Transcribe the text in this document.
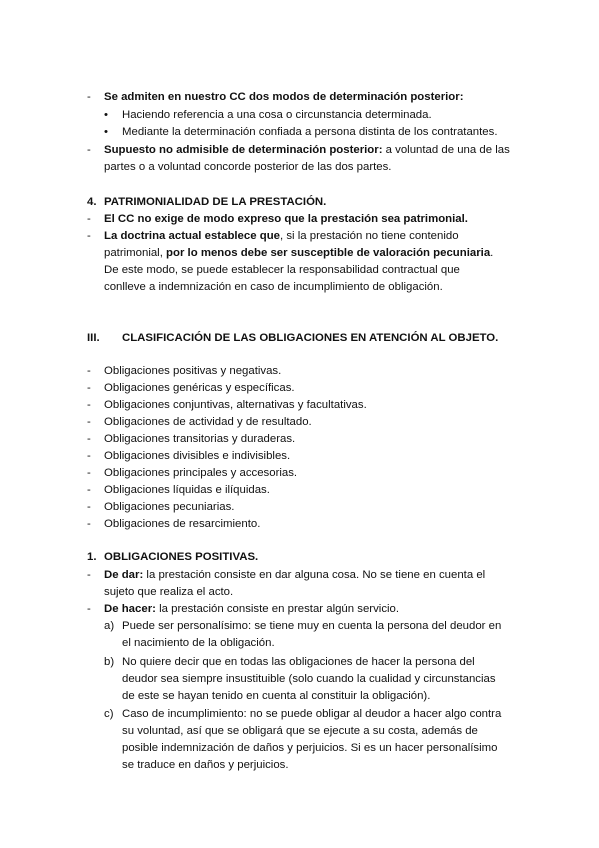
- Se admiten en nuestro CC dos modos de determinación posterior:
• Haciendo referencia a una cosa o circunstancia determinada.
• Mediante la determinación confiada a persona distinta de los contratantes.
- Supuesto no admisible de determinación posterior: a voluntad de una de las
partes o a voluntad concorde posterior de las dos partes.
4. PATRIMONIALIDAD DE LA PRESTACIÓN.
- El CC no exige de modo expreso que la prestación sea patrimonial.
- La doctrina actual establece que, si la prestación no tiene contenido
patrimonial, por lo menos debe ser susceptible de valoración pecuniaria.
De este modo, se puede establecer la responsabilidad contractual que
conlleve a indemnización en caso de incumplimiento de obligación.
III. CLASIFICACIÓN DE LAS OBLIGACIONES EN ATENCIÓN AL OBJETO.
- Obligaciones positivas y negativas.
- Obligaciones genéricas y específicas.
- Obligaciones conjuntivas, alternativas y facultativas.
- Obligaciones de actividad y de resultado.
- Obligaciones transitorias y duraderas.
- Obligaciones divisibles e indivisibles.
- Obligaciones principales y accesorias.
- Obligaciones líquidas e ilíquidas.
- Obligaciones pecuniarias.
- Obligaciones de resarcimiento.
1. OBLIGACIONES POSITIVAS.
- De dar: la prestación consiste en dar alguna cosa. No se tiene en cuenta el
sujeto que realiza el acto.
- De hacer: la prestación consiste en prestar algún servicio.
a) Puede ser personalísimo: se tiene muy en cuenta la persona del deudor en
el nacimiento de la obligación.
b) No quiere decir que en todas las obligaciones de hacer la persona del
deudor sea siempre insustituible (solo cuando la cualidad y circunstancias
de este se hayan tenido en cuenta al constituir la obligación).
c) Caso de incumplimiento: no se puede obligar al deudor a hacer algo contra
su voluntad, así que se obligará que se ejecute a su costa, además de
posible indemnización de daños y perjuicios. Si es un hacer personalísimo
se traduce en daños y perjuicios.
